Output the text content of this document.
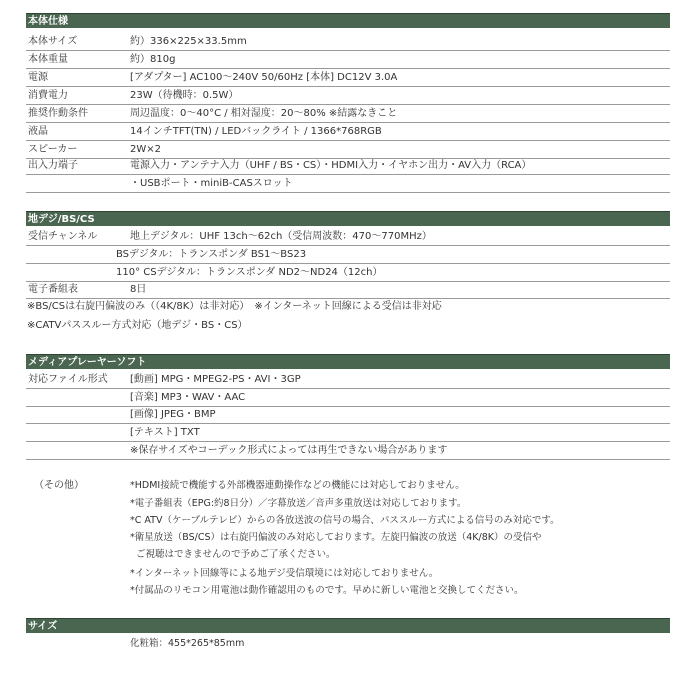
本体仕様
本体サイズ	約）336×225×33.5mm
本体重量	約）810g
電源	[アダプター] AC100〜240V 50/60Hz [本体] DC12V 3.0A
消費電力	23W（待機時：0.5W）
推奨作動条件	周辺温度：0〜40°C / 相対湿度：20〜80% ※結露なきこと
液晶	14インチTFT(TN) / LEDバックライト / 1366*768RGB
スピーカー	2W×2
出入力端子	電源入力・アンテナ入力（UHF / BS・CS）・HDMI入力・イヤホン出力・AV入力（RCA）
・USBポート・miniB-CASスロット
地デジ/BS/CS
受信チャンネル	地上デジタル：UHF 13ch〜62ch（受信周波数：470〜770MHz）
BSデジタル：トランスポンダ BS1〜BS23
110° CSデジタル：トランスポンダ ND2〜ND24（12ch）
電子番組表	8日
※BS/CSは右旋円偏波のみ（（4K/8K）は非対応）　※インターネット回線による受信は非対応
※CATVパススルー方式対応（地デジ・BS・CS）
メディアプレーヤーソフト
対応ファイル形式 [動画] MPG・MPEG2-PS・AVI・3GP
[音楽] MP3・WAV・AAC
[画像] JPEG・BMP
[テキスト] TXT
※保存サイズやコーデック形式によっては再生できない場合があります
（その他）	*HDMI接続で機能する外部機器連動操作などの機能には対応しておりません。
*電子番組表（EPG:約8日分）／字幕放送／音声多重放送は対応しております。
*C ATV（ケーブルテレビ）からの各放送波の信号の場合、パススルー方式による信号のみ対応です。
*衛星放送（BS/CS）は右旋円偏波のみ対応しております。左旋円偏波の放送（4K/8K）の受信や
ご視聴はできませんので予めご了承ください。
*インターネット回線等による地デジ受信環境には対応しておりません。
*付属品のリモコン用電池は動作確認用のものです。早めに新しい電池と交換してください。
サイズ
化粧箱：455*265*85mm
